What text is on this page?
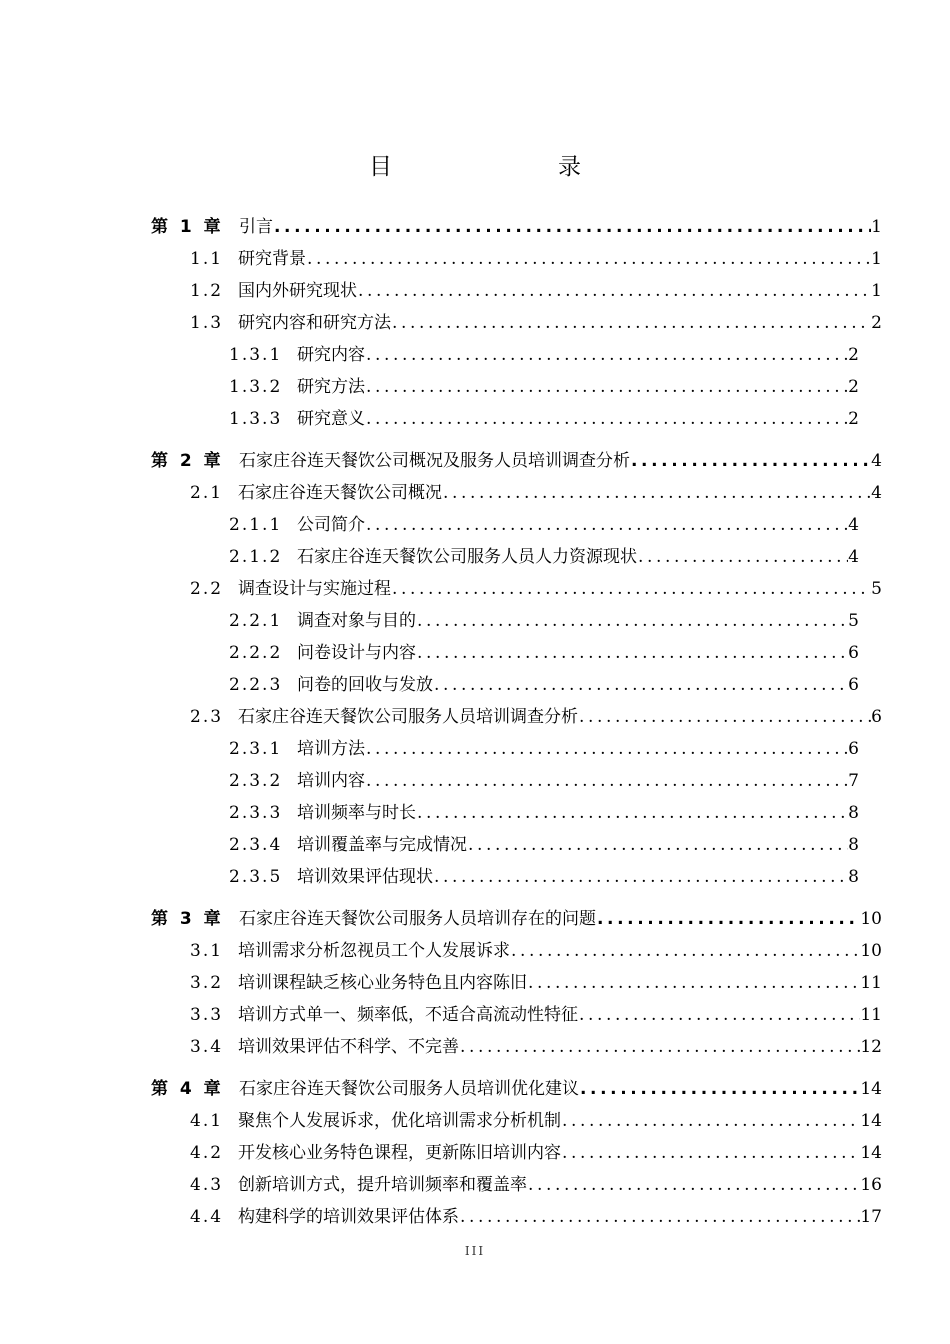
目　　录
第 1 章 引言 .....	1
1.1 研究背景 .....	1
1.2 国内外研究现状 .....	1
1.3 研究内容和研究方法 .....	2
1.3.1 研究内容 .....	2
1.3.2 研究方法 .....	2
1.3.3 研究意义 .....	2
第 2 章 石家庄谷连天餐饮公司概况及服务人员培训调查分析 .....	4
2.1 石家庄谷连天餐饮公司概况 .....	4
2.1.1 公司简介 .....	4
2.1.2 石家庄谷连天餐饮公司服务人员人力资源现状 .....	4
2.2 调查设计与实施过程 .....	5
2.2.1 调查对象与目的 .....	5
2.2.2 问卷设计与内容 .....	6
2.2.3 问卷的回收与发放 .....	6
2.3 石家庄谷连天餐饮公司服务人员培训调查分析 .....	6
2.3.1 培训方法 .....	6
2.3.2 培训内容 .....	7
2.3.3 培训频率与时长 .....	8
2.3.4 培训覆盖率与完成情况 .....	8
2.3.5 培训效果评估现状 .....	8
第 3 章 石家庄谷连天餐饮公司服务人员培训存在的问题 .....	10
3.1 培训需求分析忽视员工个人发展诉求 .....	10
3.2 培训课程缺乏核心业务特色且内容陈旧 .....	11
3.3 培训方式单一、频率低，不适合高流动性特征 .....	11
3.4 培训效果评估不科学、不完善 .....	12
第 4 章 石家庄谷连天餐饮公司服务人员培训优化建议 .....	14
4.1 聚焦个人发展诉求，优化培训需求分析机制 .....	14
4.2 开发核心业务特色课程，更新陈旧培训内容 .....	14
4.3 创新培训方式，提升培训频率和覆盖率 .....	16
4.4 构建科学的培训效果评估体系 .....	17
III
